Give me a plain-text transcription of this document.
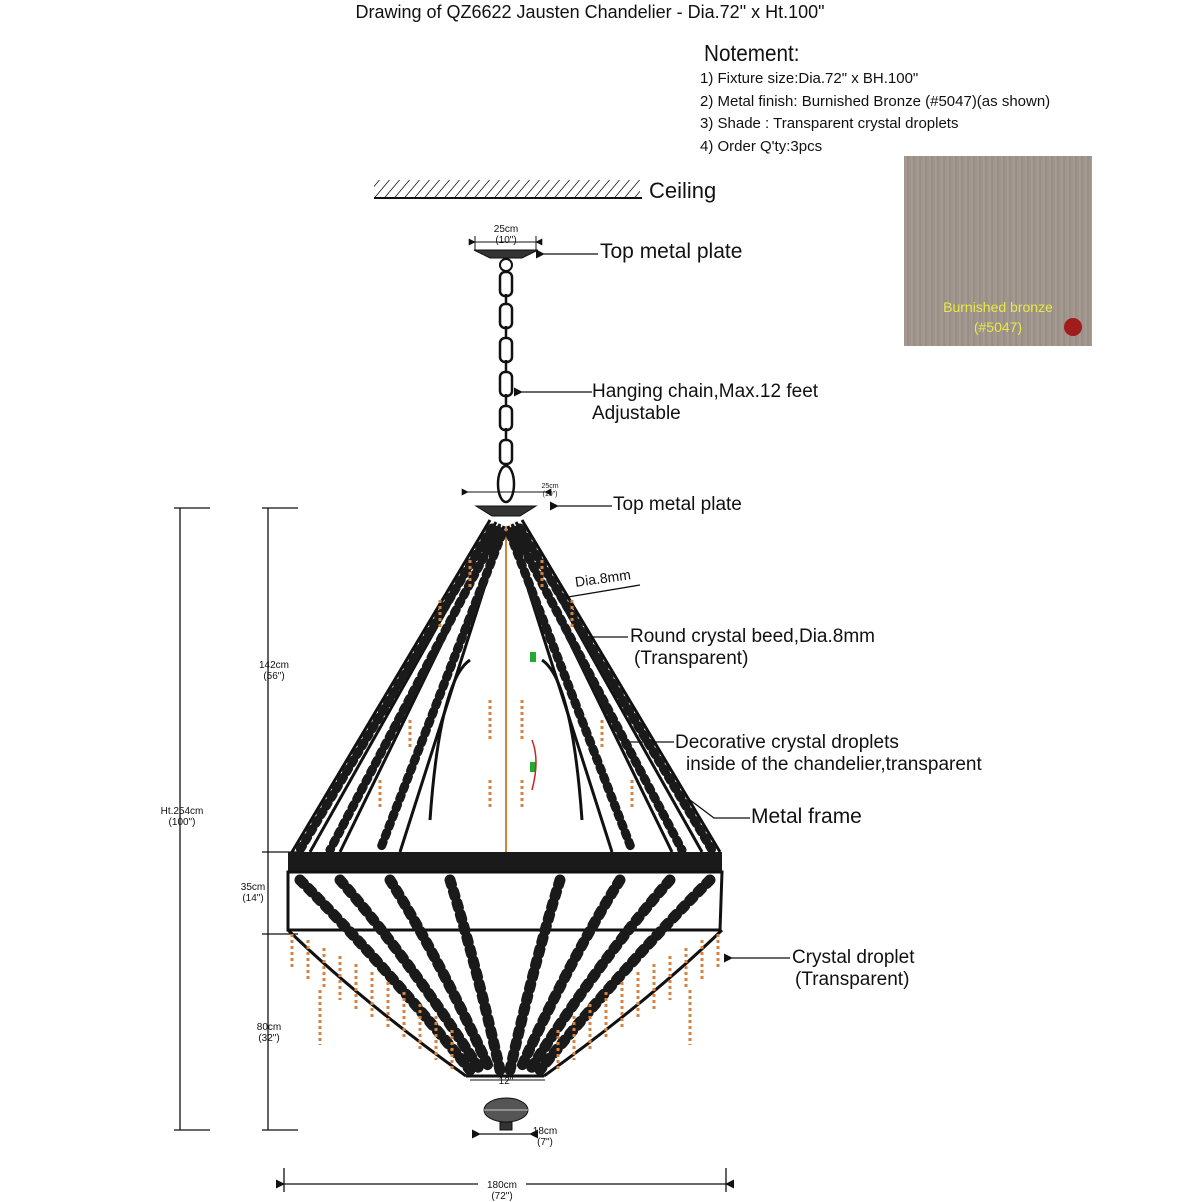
Drawing of QZ6622 Jausten Chandelier - Dia.72" x Ht.100"
Notement:
1) Fixture size:Dia.72" x BH.100"
2) Metal finish: Burnished Bronze (#5047)(as shown)
3) Shade : Transparent crystal droplets
4) Order Q'ty:3pcs
Burnished bronze
(#5047)
Ceiling
Top metal plate
Hanging chain,Max.12 feet
Adjustable
Top metal plate
Dia.8mm
Round crystal beed,Dia.8mm
(Transparent)
Decorative crystal droplets
inside of the chandelier,transparent
Metal frame
Crystal droplet
(Transparent)
25cm
(10")
25cm
(10")
142cm
(56")
Ht.254cm
(100")
35cm
(14")
80cm
(32")
12"
18cm
(7")
180cm
(72")
